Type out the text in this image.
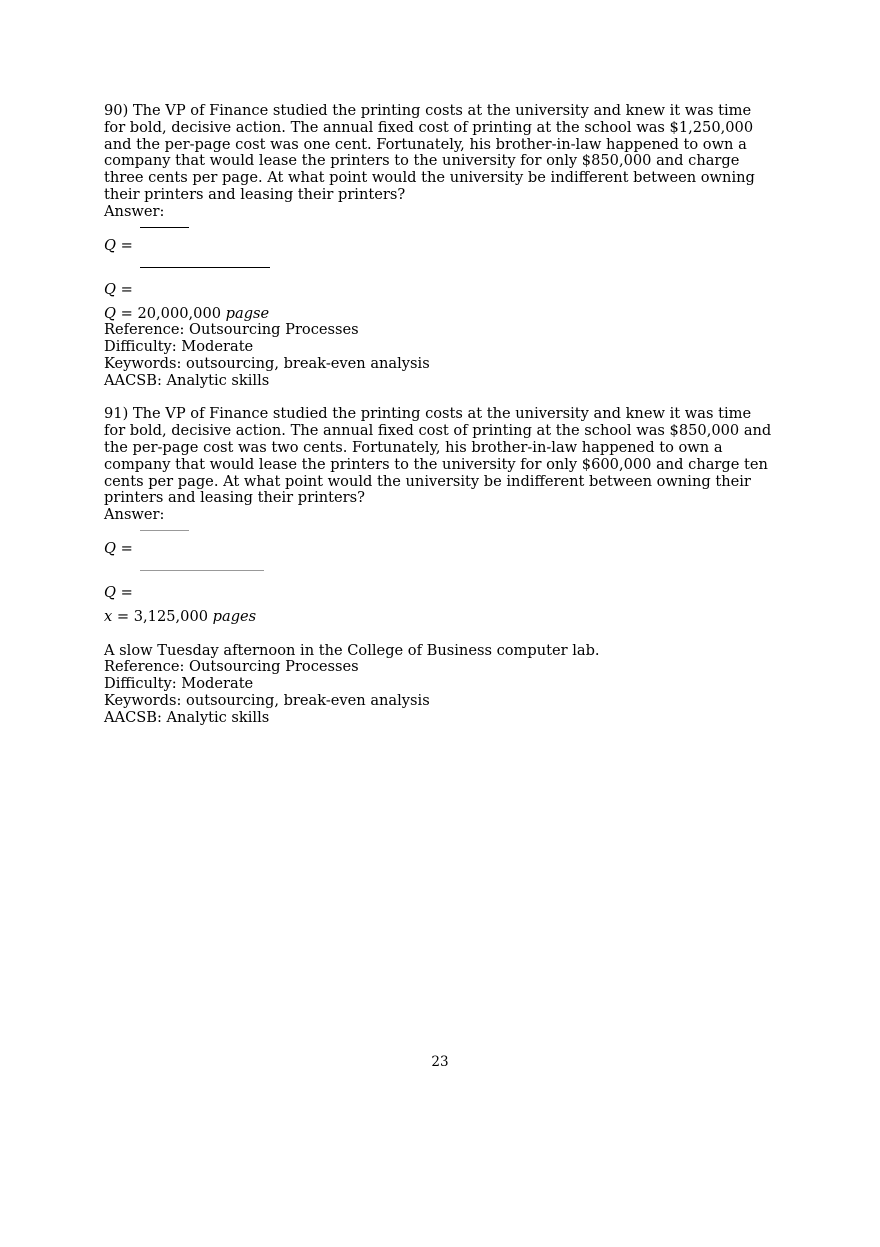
90) The VP of Finance studied the printing costs at the university and knew it was time for bold, decisive action. The annual fixed cost of printing at the school was $1,250,000 and the per-page cost was one cent. Fortunately, his brother-in-law happened to own a company that would lease the printers to the university for only $850,000 and charge three cents per page. At what point would the university be indifferent between owning their printers and leasing their printers?

Answer:

Q =
Q =

Q = 20,000,000 pagse

Reference: Outsourcing Processes

Difficulty: Moderate

Keywords: outsourcing, break-even analysis

AACSB: Analytic skills

91) The VP of Finance studied the printing costs at the university and knew it was time for bold, decisive action. The annual fixed cost of printing at the school was $850,000 and the per-page cost was two cents. Fortunately, his brother-in-law happened to own a company that would lease the printers to the university for only $600,000 and charge ten cents per page. At what point would the university be indifferent between owning their printers and leasing their printers?

Answer:

Q =
Q =

x = 3,125,000 pages

A slow Tuesday afternoon in the College of Business computer lab.

Reference: Outsourcing Processes

Difficulty: Moderate

Keywords: outsourcing, break-even analysis

AACSB: Analytic skills

23
